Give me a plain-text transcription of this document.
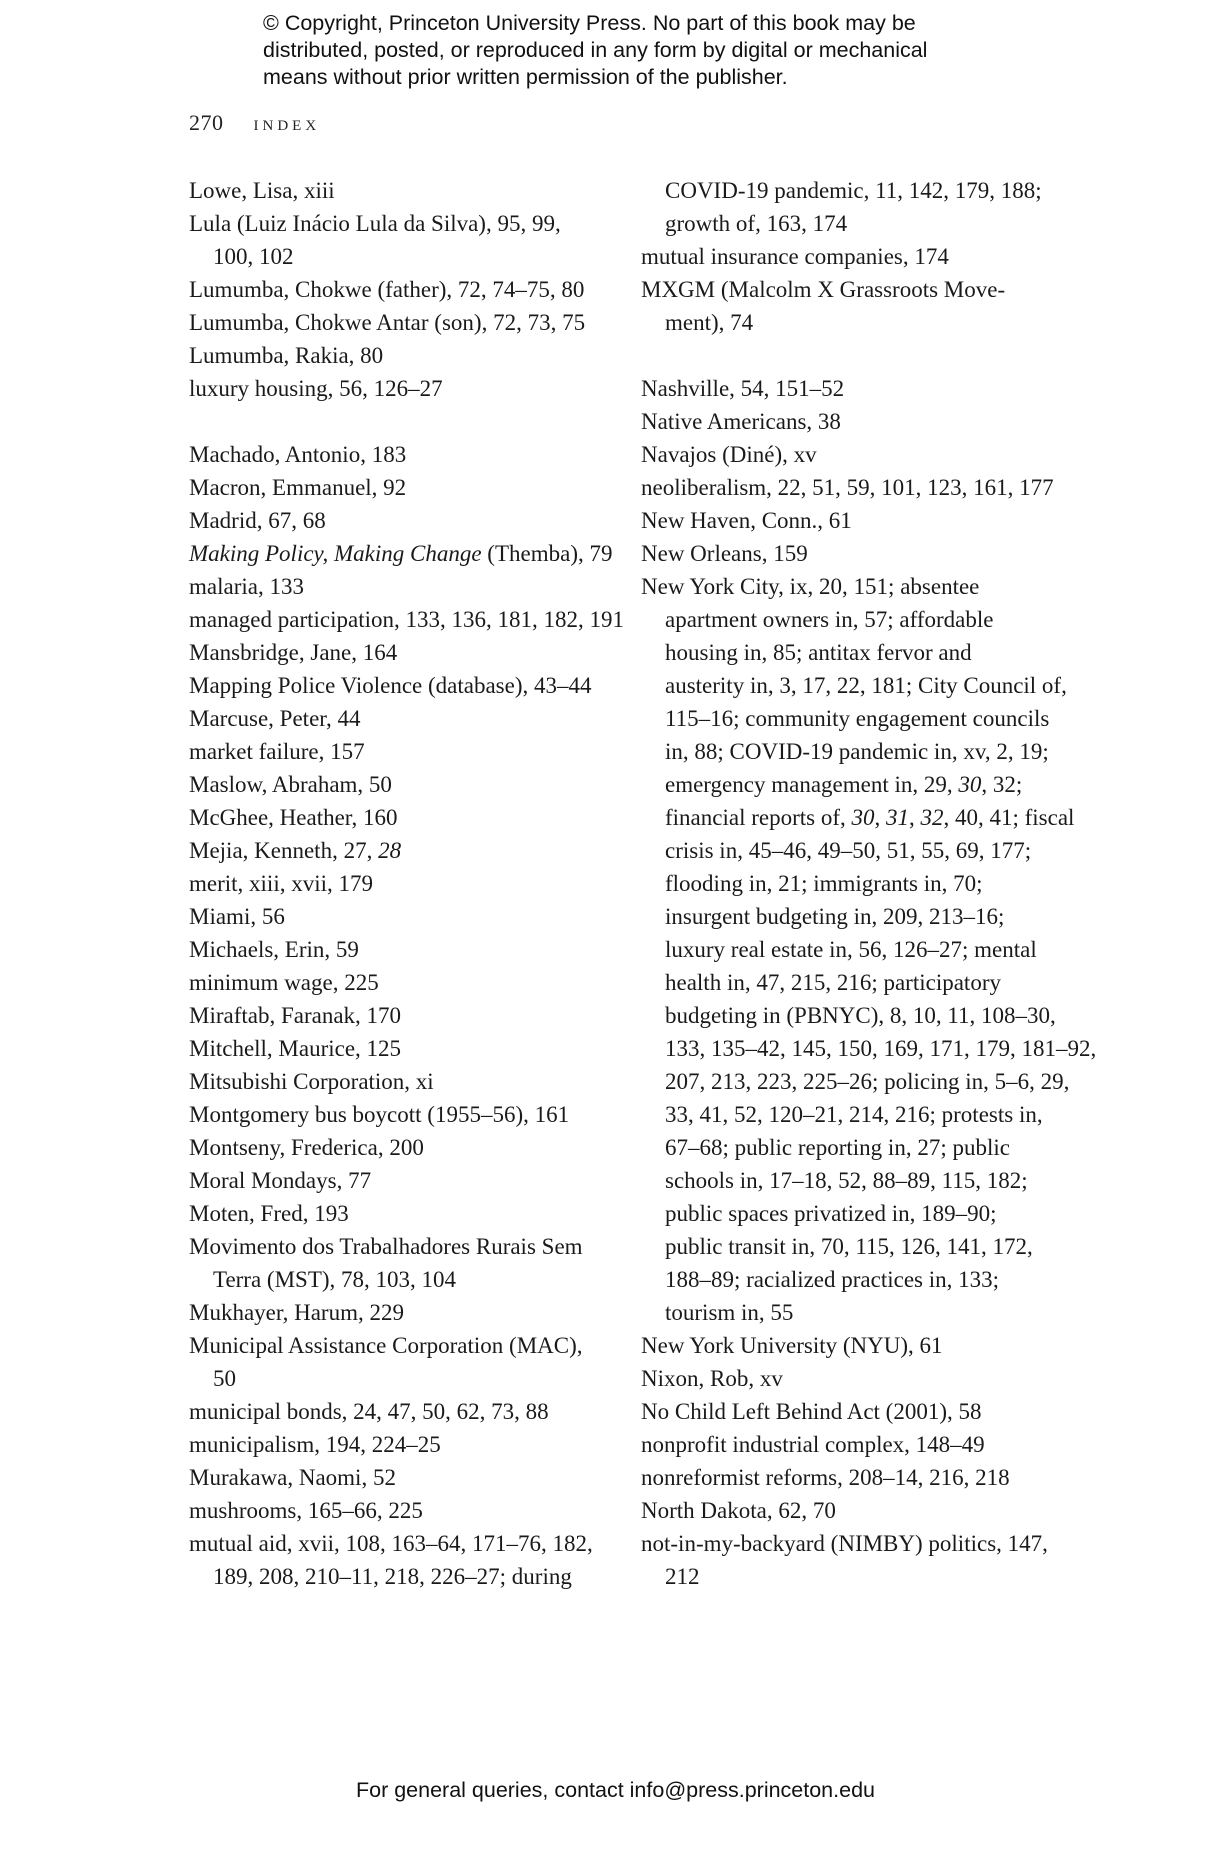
© Copyright, Princeton University Press. No part of this book may be
distributed, posted, or reproduced in any form by digital or mechanical
means without prior written permission of the publisher.
270 index
Lowe, Lisa, xiii
Lula (Luiz Inácio Lula da Silva), 95, 99,
100, 102
Lumumba, Chokwe (father), 72, 74–75, 80
Lumumba, Chokwe Antar (son), 72, 73, 75
Lumumba, Rakia, 80
luxury housing, 56, 126–27
Machado, Antonio, 183
Macron, Emmanuel, 92
Madrid, 67, 68
Making Policy, Making Change (Themba), 79
malaria, 133
managed participation, 133, 136, 181, 182, 191
Mansbridge, Jane, 164
Mapping Police Violence (database), 43–44
Marcuse, Peter, 44
market failure, 157
Maslow, Abraham, 50
McGhee, Heather, 160
Mejia, Kenneth, 27, 28
merit, xiii, xvii, 179
Miami, 56
Michaels, Erin, 59
minimum wage, 225
Miraftab, Faranak, 170
Mitchell, Maurice, 125
Mitsubishi Corporation, xi
Montgomery bus boycott (1955–56), 161
Montseny, Frederica, 200
Moral Mondays, 77
Moten, Fred, 193
Movimento dos Trabalhadores Rurais Sem
Terra (MST), 78, 103, 104
Mukhayer, Harum, 229
Municipal Assistance Corporation (MAC),
50
municipal bonds, 24, 47, 50, 62, 73, 88
municipalism, 194, 224–25
Murakawa, Naomi, 52
mushrooms, 165–66, 225
mutual aid, xvii, 108, 163–64, 171–76, 182,
189, 208, 210–11, 218, 226–27; during
COVID-19 pandemic, 11, 142, 179, 188;
growth of, 163, 174
mutual insurance companies, 174
MXGM (Malcolm X Grassroots Move-
ment), 74
Nashville, 54, 151–52
Native Americans, 38
Navajos (Diné), xv
neoliberalism, 22, 51, 59, 101, 123, 161, 177
New Haven, Conn., 61
New Orleans, 159
New York City, ix, 20, 151; absentee
apartment owners in, 57; affordable
housing in, 85; antitax fervor and
austerity in, 3, 17, 22, 181; City Council of,
115–16; community engagement councils
in, 88; COVID-19 pandemic in, xv, 2, 19;
emergency management in, 29, 30, 32;
financial reports of, 30, 31, 32, 40, 41; fiscal
crisis in, 45–46, 49–50, 51, 55, 69, 177;
flooding in, 21; immigrants in, 70;
insurgent budgeting in, 209, 213–16;
luxury real estate in, 56, 126–27; mental
health in, 47, 215, 216; participatory
budgeting in (PBNYC), 8, 10, 11, 108–30,
133, 135–42, 145, 150, 169, 171, 179, 181–92,
207, 213, 223, 225–26; policing in, 5–6, 29,
33, 41, 52, 120–21, 214, 216; protests in,
67–68; public reporting in, 27; public
schools in, 17–18, 52, 88–89, 115, 182;
public spaces privatized in, 189–90;
public transit in, 70, 115, 126, 141, 172,
188–89; racialized practices in, 133;
tourism in, 55
New York University (NYU), 61
Nixon, Rob, xv
No Child Left Behind Act (2001), 58
nonprofit industrial complex, 148–49
nonreformist reforms, 208–14, 216, 218
North Dakota, 62, 70
not-in-my-backyard (NIMBY) politics, 147,
212
For general queries, contact info@press.princeton.edu
